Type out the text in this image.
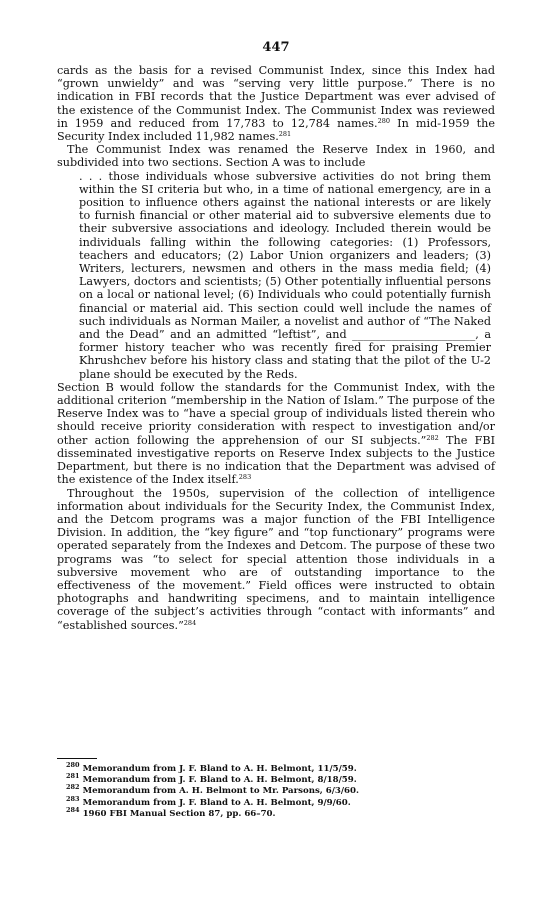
447

cards as the basis for a revised Communist Index, since this Index had “grown unwieldy” and was “serving very little purpose.” There is no indication in FBI records that the Justice Department was ever advised of the existence of the Communist Index. The Communist Index was reviewed in 1959 and reduced from 17,783 to 12,784 names.$^{280}$ In mid-1959 the Security Index included 11,982 names.$^{281}$

The Communist Index was renamed the Reserve Index in 1960, and subdivided into two sections. Section A was to include

. . . those individuals whose subversive activities do not bring them within the SI criteria but who, in a time of national emergency, are in a position to influence others against the national interests or are likely to furnish financial or other material aid to subversive elements due to their subversive associations and ideology. Included therein would be individuals falling within the following categories: (1) Professors, teachers and educators; (2) Labor Union organizers and leaders; (3) Writers, lecturers, newsmen and others in the mass media field; (4) Lawyers, doctors and scientists; (5) Other potentially influential persons on a local or national level; (6) Individuals who could potentially furnish financial or material aid. This section could well include the names of such individuals as Norman Mailer, a novelist and author of “The Naked and the Dead” and an admitted “leftist”, and ______________________, a former history teacher who was recently fired for praising Premier Khrushchev before his history class and stating that the pilot of the U-2 plane should be executed by the Reds.

Section B would follow the standards for the Communist Index, with the additional criterion “membership in the Nation of Islam.” The purpose of the Reserve Index was to “have a special group of individuals listed therein who should receive priority consideration with respect to investigation and/or other action following the apprehension of our SI subjects.”$^{282}$ The FBI disseminated investigative reports on Reserve Index subjects to the Justice Department, but there is no indication that the Department was advised of the existence of the Index itself.$^{283}$

Throughout the 1950s, supervision of the collection of intelligence information about individuals for the Security Index, the Communist Index, and the Detcom programs was a major function of the FBI Intelligence Division. In addition, the “key figure” and “top functionary” programs were operated separately from the Indexes and Detcom. The purpose of these two programs was “to select for special attention those individuals in a subversive movement who are of outstanding importance to the effectiveness of the movement.” Field offices were instructed to obtain photographs and handwriting specimens, and to maintain intelligence coverage of the subject’s activities through “contact with informants” and “established sources.”$^{284}$

$^{280}$ Memorandum from J. F. Bland to A. H. Belmont, 11/5/59.
$^{281}$ Memorandum from J. F. Bland to A. H. Belmont, 8/18/59.
$^{282}$ Memorandum from A. H. Belmont to Mr. Parsons, 6/3/60.
$^{283}$ Memorandum from J. F. Bland to A. H. Belmont, 9/9/60.
$^{284}$ 1960 FBI Manual Section 87, pp. 66–70.
